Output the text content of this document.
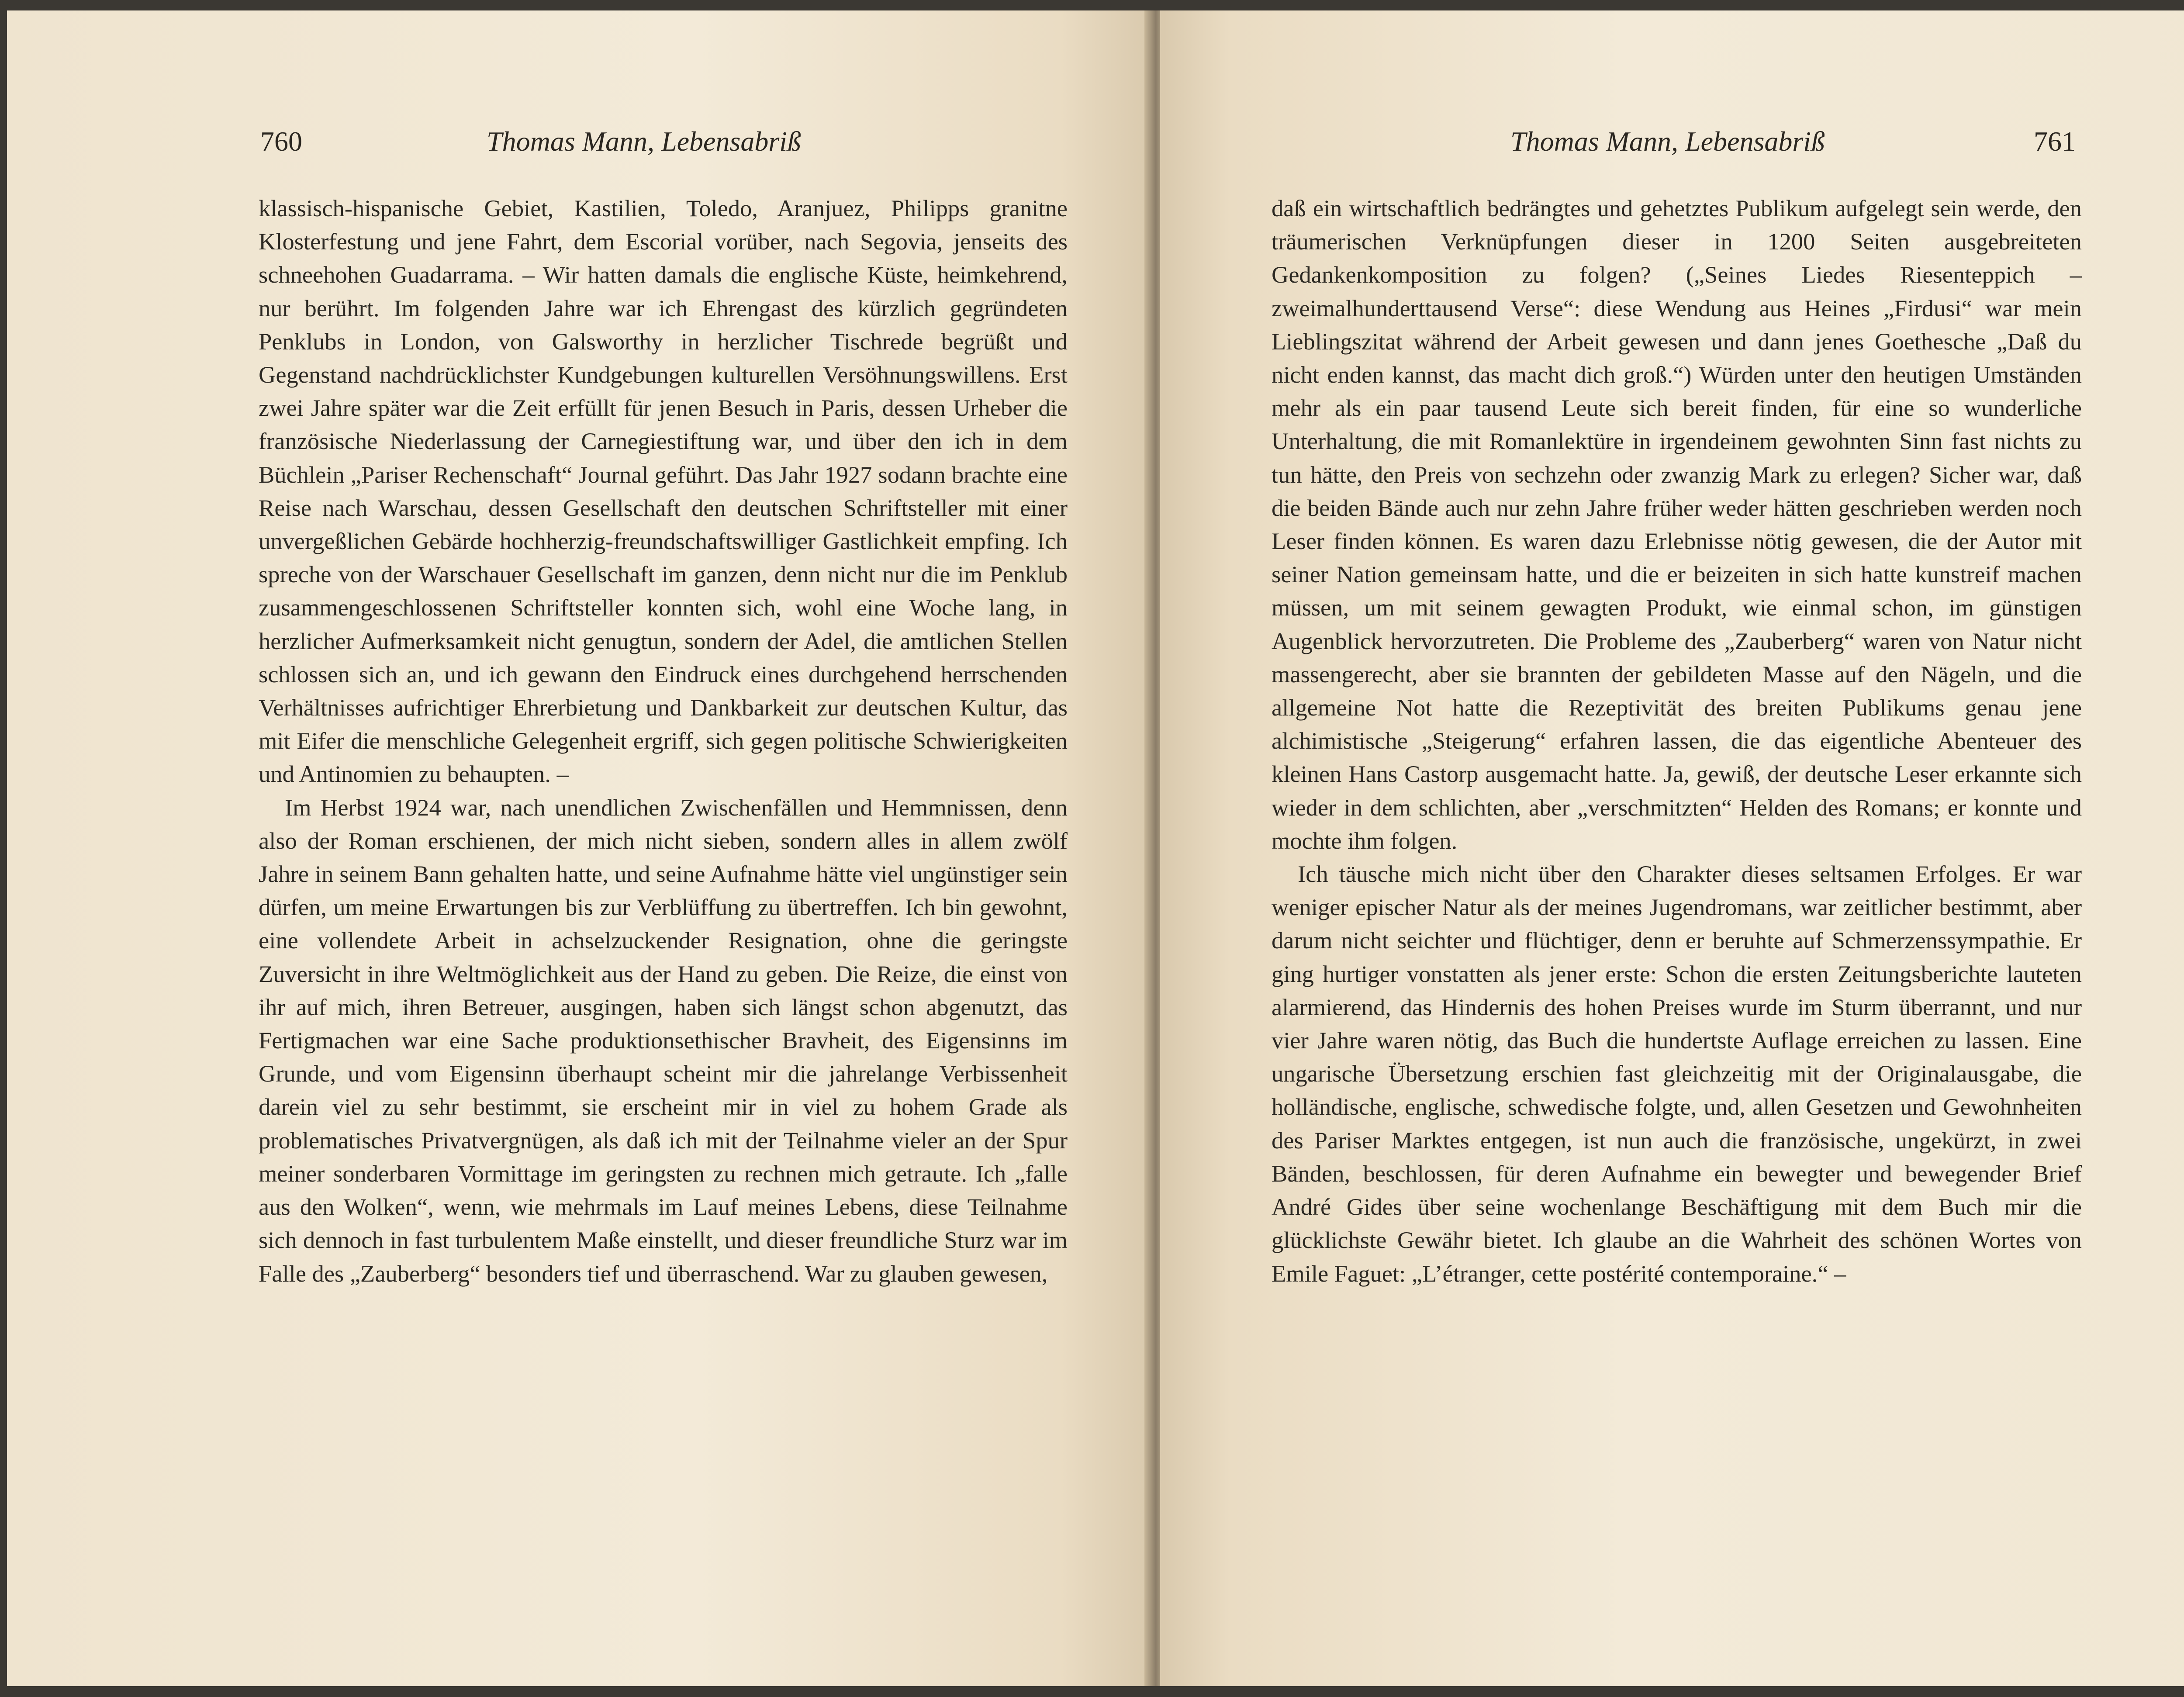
760	Thomas Mann, Lebensabriß

klassisch-hispanische Gebiet, Kastilien, Toledo, Aranjuez, Philipps granitne Klosterfestung und jene Fahrt, dem Escorial vorüber, nach Segovia, jenseits des schneehohen Guadarrama. – Wir hatten damals die englische Küste, heimkehrend, nur berührt. Im folgenden Jahre war ich Ehrengast des kürzlich gegründeten Penklubs in London, von Galsworthy in herzlicher Tischrede begrüßt und Gegenstand nachdrücklichster Kundgebungen kulturellen Versöhnungswillens. Erst zwei Jahre später war die Zeit erfüllt für jenen Besuch in Paris, dessen Urheber die französische Niederlassung der Carnegiestiftung war, und über den ich in dem Büchlein „Pariser Rechenschaft“ Journal geführt. Das Jahr 1927 sodann brachte eine Reise nach Warschau, dessen Gesellschaft den deutschen Schriftsteller mit einer unvergeßlichen Gebärde hochherzig-freundschaftswilliger Gastlichkeit empfing. Ich spreche von der Warschauer Gesellschaft im ganzen, denn nicht nur die im Penklub zusammengeschlossenen Schriftsteller konnten sich, wohl eine Woche lang, in herzlicher Aufmerksamkeit nicht genugtun, sondern der Adel, die amtlichen Stellen schlossen sich an, und ich gewann den Eindruck eines durchgehend herrschenden Verhältnisses aufrichtiger Ehrerbietung und Dankbarkeit zur deutschen Kultur, das mit Eifer die menschliche Gelegenheit ergriff, sich gegen politische Schwierigkeiten und Antinomien zu behaupten. –

Im Herbst 1924 war, nach unendlichen Zwischenfällen und Hemmnissen, denn also der Roman erschienen, der mich nicht sieben, sondern alles in allem zwölf Jahre in seinem Bann gehalten hatte, und seine Aufnahme hätte viel ungünstiger sein dürfen, um meine Erwartungen bis zur Verblüffung zu übertreffen. Ich bin gewohnt, eine vollendete Arbeit in achselzuckender Resignation, ohne die geringste Zuversicht in ihre Weltmöglichkeit aus der Hand zu geben. Die Reize, die einst von ihr auf mich, ihren Betreuer, ausgingen, haben sich längst schon abgenutzt, das Fertigmachen war eine Sache produktionsethischer Bravheit, des Eigensinns im Grunde, und vom Eigensinn überhaupt scheint mir die jahrelange Verbissenheit darein viel zu sehr bestimmt, sie erscheint mir in viel zu hohem Grade als problematisches Privatvergnügen, als daß ich mit der Teilnahme vieler an der Spur meiner sonderbaren Vormittage im geringsten zu rechnen mich getraute. Ich „falle aus den Wolken“, wenn, wie mehrmals im Lauf meines Lebens, diese Teilnahme sich dennoch in fast turbulentem Maße einstellt, und dieser freundliche Sturz war im Falle des „Zauberberg“ besonders tief und überraschend. War zu glauben gewesen,

Thomas Mann, Lebensabriß	761

daß ein wirtschaftlich bedrängtes und gehetztes Publikum aufgelegt sein werde, den träumerischen Verknüpfungen dieser in 1200 Seiten ausgebreiteten Gedankenkomposition zu folgen? („Seines Liedes Riesenteppich – zweimalhunderttausend Verse“: diese Wendung aus Heines „Firdusi“ war mein Lieblingszitat während der Arbeit gewesen und dann jenes Goethesche „Daß du nicht enden kannst, das macht dich groß.“) Würden unter den heutigen Umständen mehr als ein paar tausend Leute sich bereit finden, für eine so wunderliche Unterhaltung, die mit Romanlektüre in irgendeinem gewohnten Sinn fast nichts zu tun hätte, den Preis von sechzehn oder zwanzig Mark zu erlegen? Sicher war, daß die beiden Bände auch nur zehn Jahre früher weder hätten geschrieben werden noch Leser finden können. Es waren dazu Erlebnisse nötig gewesen, die der Autor mit seiner Nation gemeinsam hatte, und die er beizeiten in sich hatte kunstreif machen müssen, um mit seinem gewagten Produkt, wie einmal schon, im günstigen Augenblick hervorzutreten. Die Probleme des „Zauberberg“ waren von Natur nicht massengerecht, aber sie brannten der gebildeten Masse auf den Nägeln, und die allgemeine Not hatte die Rezeptivität des breiten Publikums genau jene alchimistische „Steigerung“ erfahren lassen, die das eigentliche Abenteuer des kleinen Hans Castorp ausgemacht hatte. Ja, gewiß, der deutsche Leser erkannte sich wieder in dem schlichten, aber „verschmitzten“ Helden des Romans; er konnte und mochte ihm folgen.

Ich täusche mich nicht über den Charakter dieses seltsamen Erfolges. Er war weniger epischer Natur als der meines Jugendromans, war zeitlicher bestimmt, aber darum nicht seichter und flüchtiger, denn er beruhte auf Schmerzenssympathie. Er ging hurtiger vonstatten als jener erste: Schon die ersten Zeitungsberichte lauteten alarmierend, das Hindernis des hohen Preises wurde im Sturm überrannt, und nur vier Jahre waren nötig, das Buch die hundertste Auflage erreichen zu lassen. Eine ungarische Übersetzung erschien fast gleichzeitig mit der Originalausgabe, die holländische, englische, schwedische folgte, und, allen Gesetzen und Gewohnheiten des Pariser Marktes entgegen, ist nun auch die französische, ungekürzt, in zwei Bänden, beschlossen, für deren Aufnahme ein bewegter und bewegender Brief André Gides über seine wochenlange Beschäftigung mit dem Buch mir die glücklichste Gewähr bietet. Ich glaube an die Wahrheit des schönen Wortes von Emile Faguet: „L’étranger, cette postérité contemporaine.“ –
